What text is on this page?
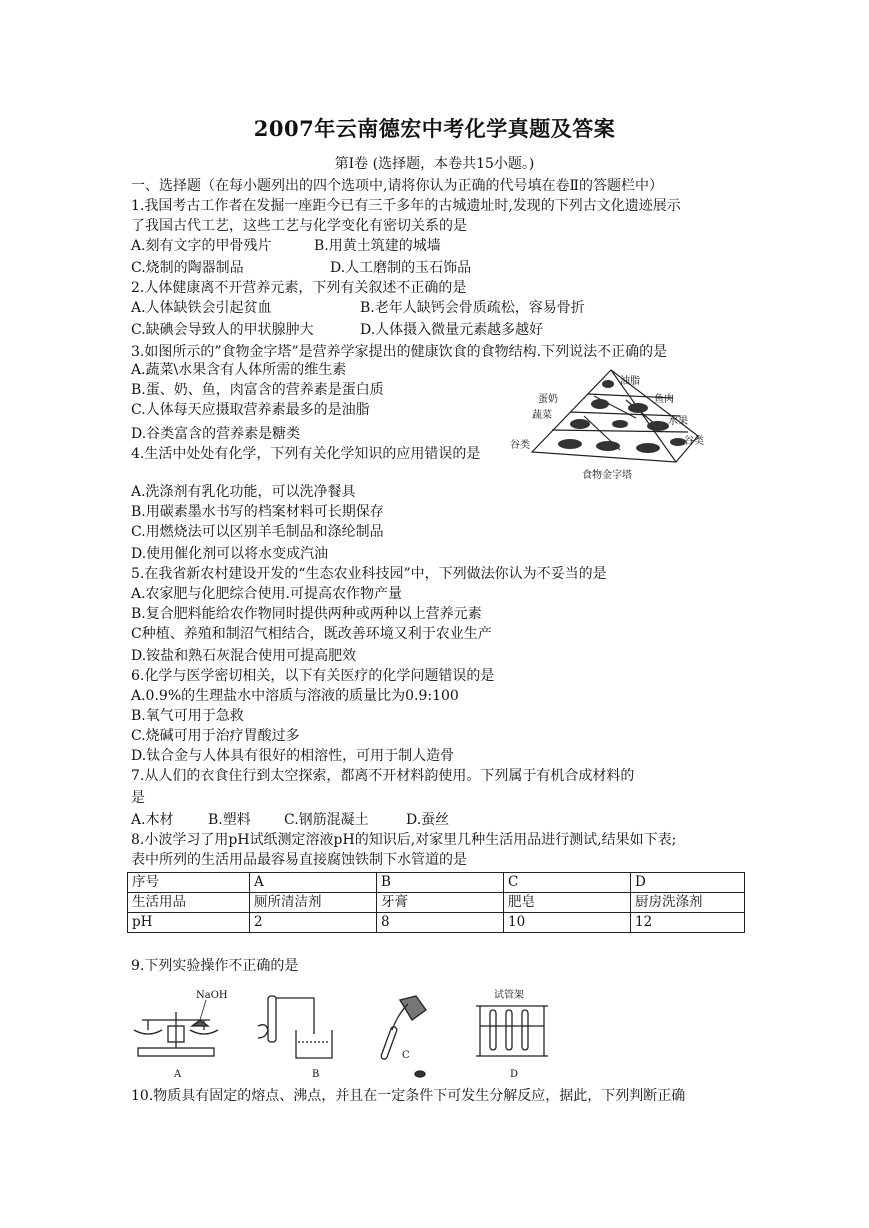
2007年云南德宏中考化学真题及答案
第Ⅰ卷 (选择题，本卷共15小题。)
一、选择题（在每小题列出的四个选项中,请将你认为正确的代号填在卷Ⅱ的答题栏中）
1.我国考古工作者在发掘一座距今已有三千多年的古城遗址时,发现的下列古文化遗迹展示
了我国古代工艺，这些工艺与化学变化有密切关系的是
A.刻有文字的甲骨残片	B.用黄土筑建的城墙
C.烧制的陶器制品	D.人工磨制的玉石饰品
2.人体健康离不开营养元素，下列有关叙述不正确的是
A.人体缺铁会引起贫血	B.老年人缺钙会骨质疏松，容易骨折
C.缺碘会导致人的甲状腺肿大	D.人体摄入微量元素越多越好
3.如图所示的”食物金字塔”是营养学家提出的健康饮食的食物结构.下列说法不正确的是
A.蔬菜\水果含有人体所需的维生素
B.蛋、奶、鱼，肉富含的营养素是蛋白质
C.人体每天应摄取营养素最多的是油脂
D.谷类富含的营养素是糖类
油脂
蛋奶	鱼肉
蔬菜
水果
谷类	谷类
食物金字塔
4.生活中处处有化学，下列有关化学知识的应用错误的是
A.洗涤剂有乳化功能，可以洗净餐具
B.用碳素墨水书写的档案材料可长期保存
C.用燃烧法可以区别羊毛制品和涤纶制品
D.使用催化剂可以将水变成汽油
5.在我省新农村建设开发的“生态农业科技园”中，下列做法你认为不妥当的是
A.农家肥与化肥综合使用.可提高农作物产量
B.复合肥料能给农作物同时提供两种或两种以上营养元素
C种植、养殖和制沼气相结合，既改善环境又利于农业生产
D.铵盐和熟石灰混合使用可提高肥效
6.化学与医学密切相关，以下有关医疗的化学问题错误的是
A.0.9%的生理盐水中溶质与溶液的质量比为0.9:100
B.氧气可用于急救
C.烧碱可用于治疗胃酸过多
D.钛合金与人体具有很好的相溶性，可用于制人造骨
7.从人们的衣食住行到太空探索，都离不开材料韵使用。下列属于有机合成材料的
是
A.木材 B.塑料 C.钢筋混凝土	D.蚕丝
8.小波学习了用pH试纸测定溶液pH的知识后,对家里几种生活用品进行测试,结果如下表;
表中所列的生活用品最容易直接腐蚀铁制下水管道的是
序号	A	B	C	D
生活用品	厕所清洁剂	牙膏	肥皂	厨房洗涤剂
pH	2	8	10	12
9.下列实验操作不正确的是
NaOH	试管架
A	B
C
D
10.物质具有固定的熔点、沸点，并且在一定条件下可发生分解反应，据此，下列判断正确
